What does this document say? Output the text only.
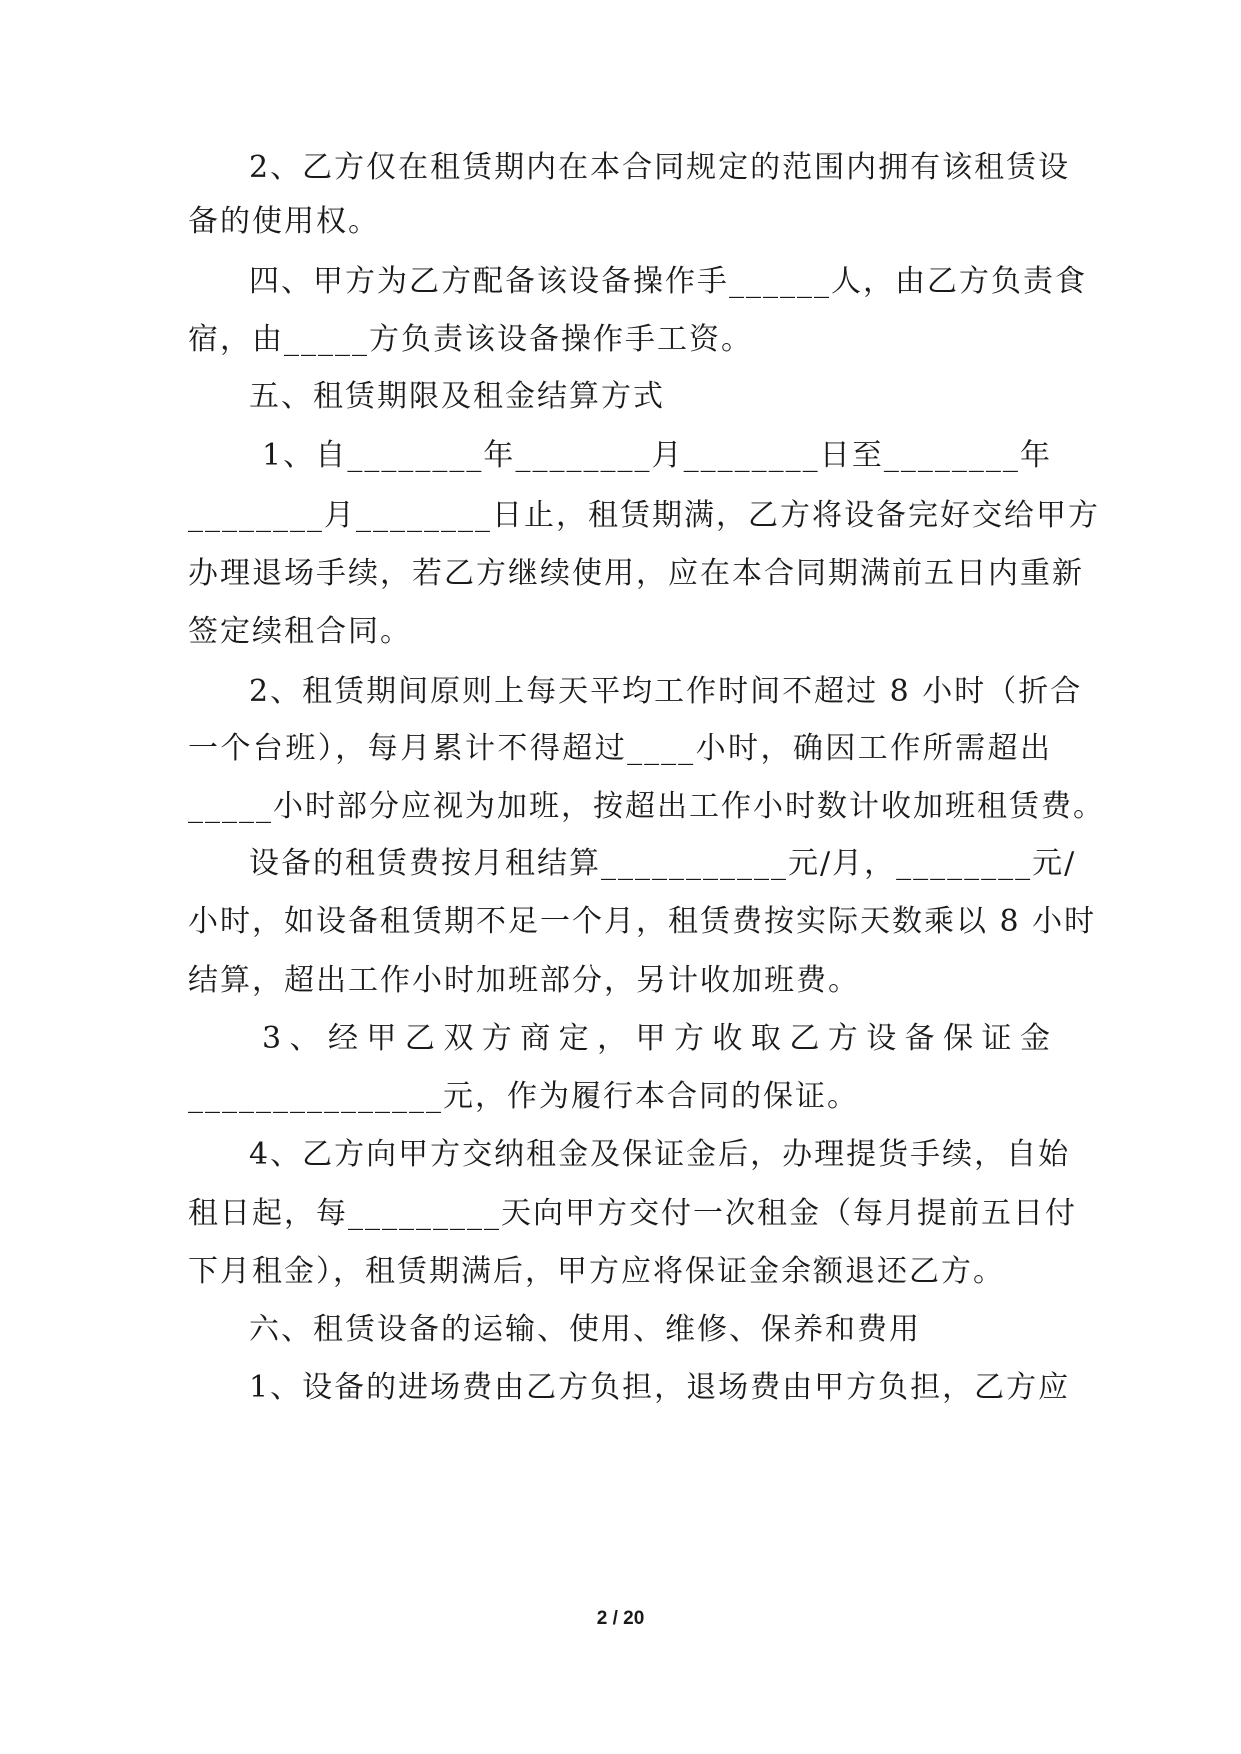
2、乙方仅在租赁期内在本合同规定的范围内拥有该租赁设
备的使用权。
四、甲方为乙方配备该设备操作手______人，由乙方负责食
宿，由_____方负责该设备操作手工资。
五、租赁期限及租金结算方式
1、自________年________月________日至________年
________月________日止，租赁期满，乙方将设备完好交给甲方
办理退场手续，若乙方继续使用，应在本合同期满前五日内重新
签定续租合同。
2、租赁期间原则上每天平均工作时间不超过 8 小时（折合
一个台班），每月累计不得超过____小时，确因工作所需超出
_____小时部分应视为加班，按超出工作小时数计收加班租赁费。
设备的租赁费按月租结算___________元/月，________元/
小时，如设备租赁期不足一个月，租赁费按实际天数乘以 8 小时
结算，超出工作小时加班部分，另计收加班费。
3、经甲乙双方商定，甲方收取乙方设备保证金
_______________元，作为履行本合同的保证。
4、乙方向甲方交纳租金及保证金后，办理提货手续，自始
租日起，每_________天向甲方交付一次租金（每月提前五日付
下月租金），租赁期满后，甲方应将保证金余额退还乙方。
六、租赁设备的运输、使用、维修、保养和费用
1、设备的进场费由乙方负担，退场费由甲方负担，乙方应
2 / 20
